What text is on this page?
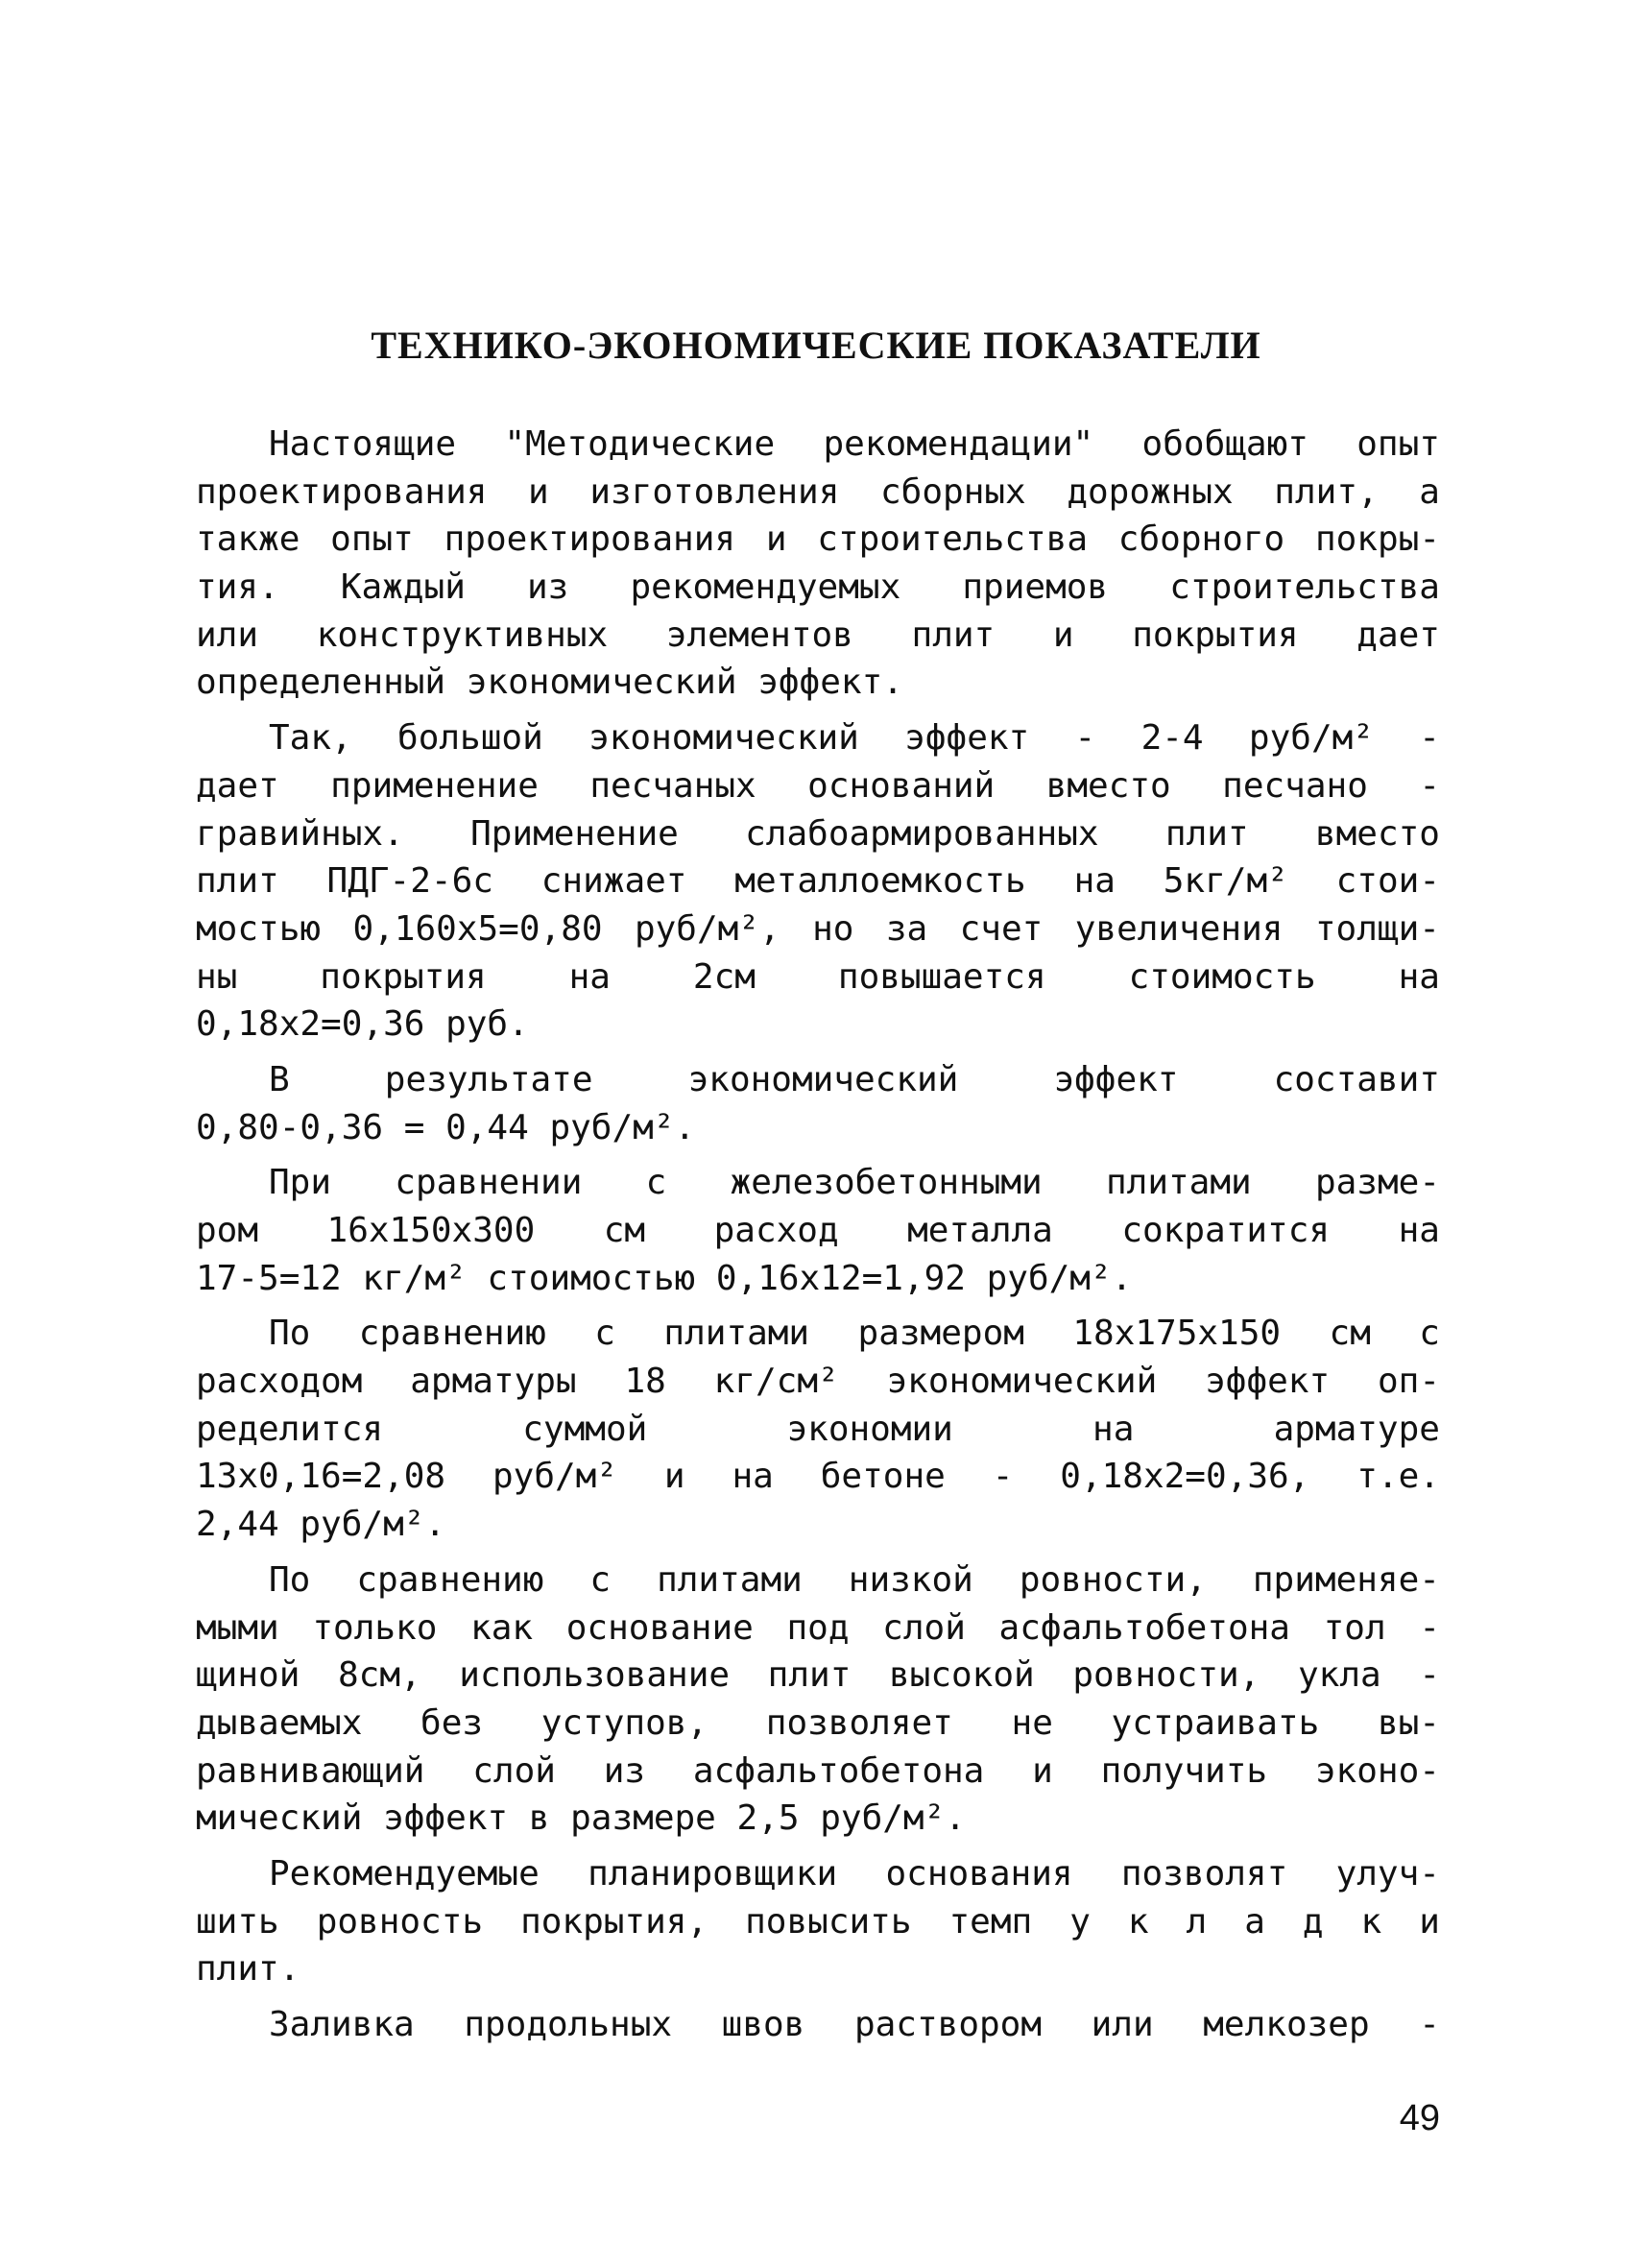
ТЕХНИКО-ЭКОНОМИЧЕСКИЕ ПОКАЗАТЕЛИ
Настоящие "Методические рекомендации" обобщают опыт
проектирования и изготовления сборных дорожных плит, а
также опыт проектирования и строительства сборного покры-
тия. Каждый из рекомендуемых приемов строительства
или конструктивных элементов плит и покрытия дает
определенный экономический эффект.
Так, большой экономический эффект - 2-4 руб/м² -
дает применение песчаных оснований вместо песчано -
гравийных. Применение слабоармированных плит вместо
плит ПДГ-2-6с снижает металлоемкость на 5кг/м² стои-
мостью 0,160х5=0,80 руб/м², но за счет увеличения толщи-
ны покрытия на 2см повышается стоимость на
0,18х2=0,36 руб.
В	результате	экономический	эффект	составит
0,80-0,36 = 0,44 руб/м².
При сравнении с железобетонными плитами разме-
ром 16х150х300 см расход металла сократится на
17-5=12 кг/м² стоимостью 0,16х12=1,92 руб/м².
По сравнению с плитами размером 18х175х150 см с
расходом арматуры 18 кг/см² экономический эффект оп-
ределится	суммой	экономии	на	арматуре
13х0,16=2,08 руб/м² и на бетоне - 0,18х2=0,36, т.е.
2,44 руб/м².
По сравнению с плитами низкой ровности, применяе-
мыми только как основание под слой асфальтобетона тол -
щиной 8см, использование плит высокой ровности, укла -
дываемых без уступов, позволяет не устраивать вы-
равнивающий слой из асфальтобетона и получить эконо-
мический эффект в размере 2,5 руб/м².
Рекомендуемые планировщики основания позволят улуч-
шить ровность покрытия, повысить темп у к л а д к и
плит.
Заливка продольных швов раствором или мелкозер -
49
